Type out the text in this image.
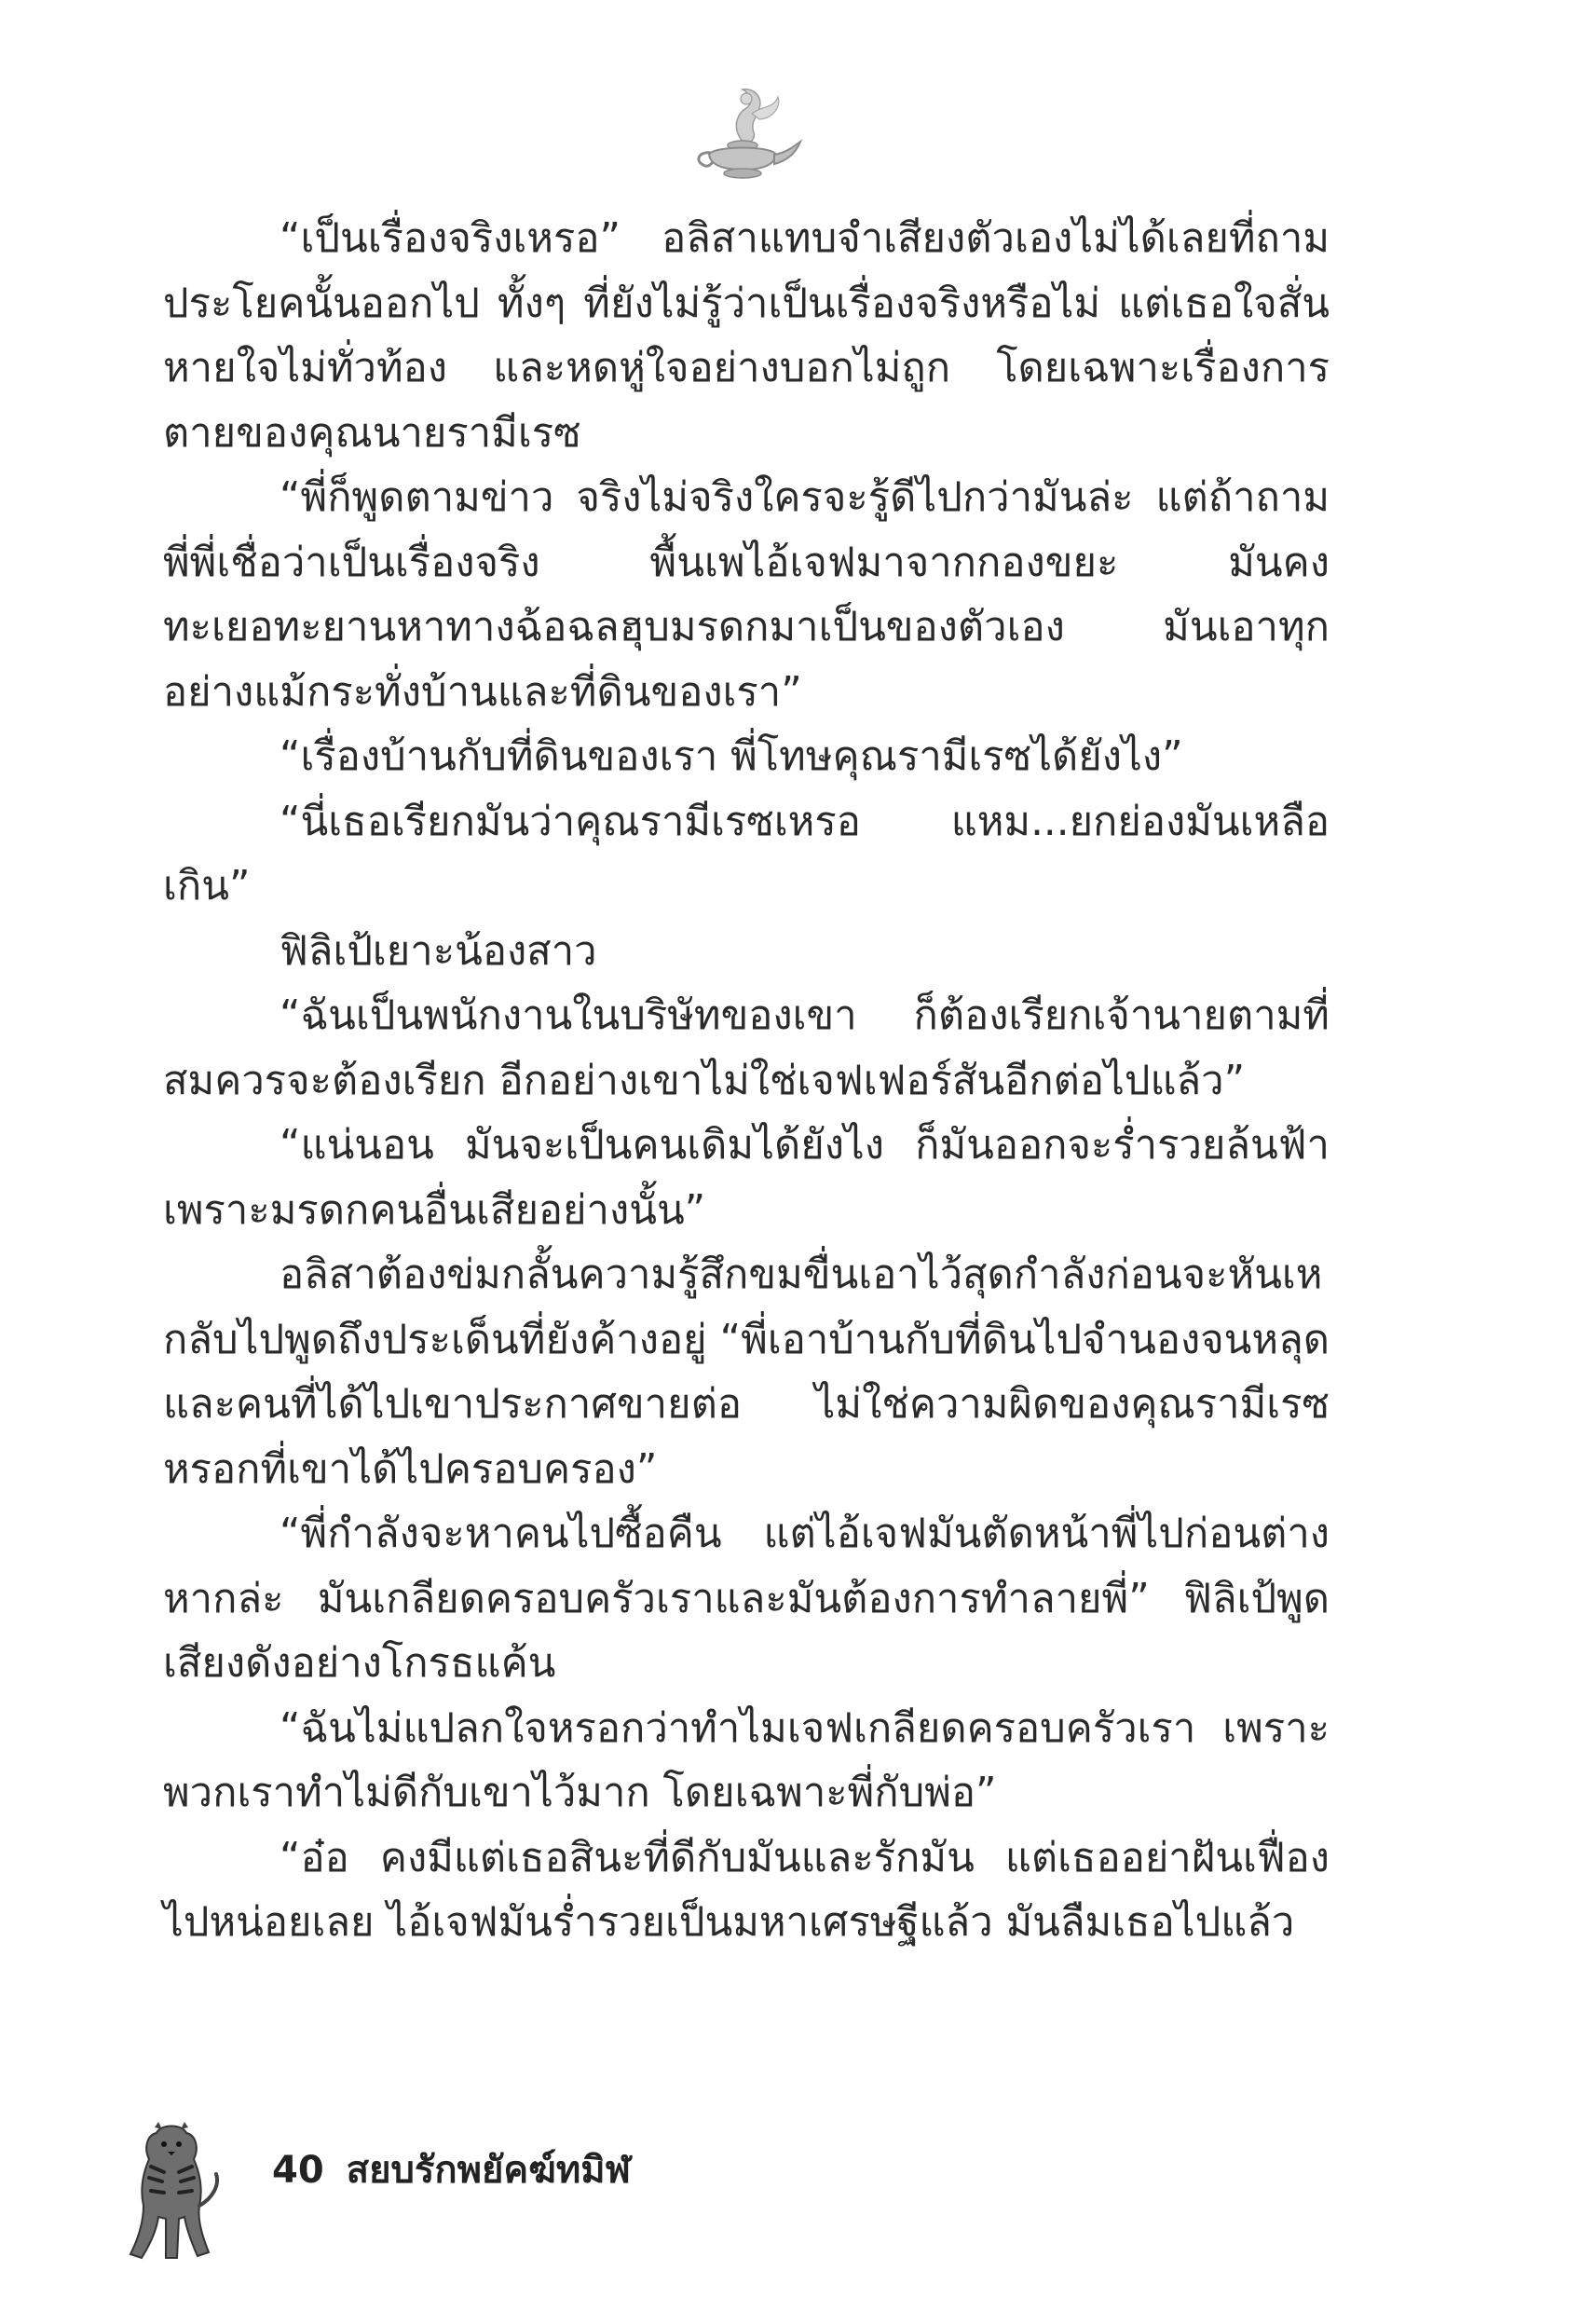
“เป็นเรื่องจริงเหรอ” อลิสาแทบจำเสียงตัวเองไม่ได้เลยที่ถามประโยคนั้นออกไป ทั้งๆ ที่ยังไม่รู้ว่าเป็นเรื่องจริงหรือไม่ แต่เธอใจสั่นหายใจไม่ทั่วท้อง และหดหู่ใจอย่างบอกไม่ถูก โดยเฉพาะเรื่องการตายของคุณนายรามีเรซ

“พี่ก็พูดตามข่าว จริงไม่จริงใครจะรู้ดีไปกว่ามันล่ะ แต่ถ้าถามพี่พี่เชื่อว่าเป็นเรื่องจริง พื้นเพไอ้เจฟมาจากกองขยะ มันคงทะเยอทะยานหาทางฉ้อฉลฮุบมรดกมาเป็นของตัวเอง มันเอาทุกอย่างแม้กระทั่งบ้านและที่ดินของเรา”

“เรื่องบ้านกับที่ดินของเรา พี่โทษคุณรามีเรซได้ยังไง”

“นี่เธอเรียกมันว่าคุณรามีเรซเหรอ แหม...ยกย่องมันเหลือเกิน”

ฟิลิเป้เยาะน้องสาว

“ฉันเป็นพนักงานในบริษัทของเขา ก็ต้องเรียกเจ้านายตามที่สมควรจะต้องเรียก อีกอย่างเขาไม่ใช่เจฟเฟอร์สันอีกต่อไปแล้ว”

“แน่นอน มันจะเป็นคนเดิมได้ยังไง ก็มันออกจะร่ำรวยล้นฟ้าเพราะมรดกคนอื่นเสียอย่างนั้น”

อลิสาต้องข่มกลั้นความรู้สึกขมขื่นเอาไว้สุดกำลังก่อนจะหันเหกลับไปพูดถึงประเด็นที่ยังค้างอยู่ “พี่เอาบ้านกับที่ดินไปจำนองจนหลุดและคนที่ได้ไปเขาประกาศขายต่อ ไม่ใช่ความผิดของคุณรามีเรซหรอกที่เขาได้ไปครอบครอง”

“พี่กำลังจะหาคนไปซื้อคืน แต่ไอ้เจฟมันตัดหน้าพี่ไปก่อนต่างหากล่ะ มันเกลียดครอบครัวเราและมันต้องการทำลายพี่” ฟิลิเป้พูดเสียงดังอย่างโกรธแค้น

“ฉันไม่แปลกใจหรอกว่าทำไมเจฟเกลียดครอบครัวเรา เพราะพวกเราทำไม่ดีกับเขาไว้มาก โดยเฉพาะพี่กับพ่อ”

“อ๋อ คงมีแต่เธอสินะที่ดีกับมันและรักมัน แต่เธออย่าฝันเฟื่องไปหน่อยเลย ไอ้เจฟมันร่ำรวยเป็นมหาเศรษฐีแล้ว มันลืมเธอไปแล้ว

40 สยบรักพยัคฆ์ทมิฬ
